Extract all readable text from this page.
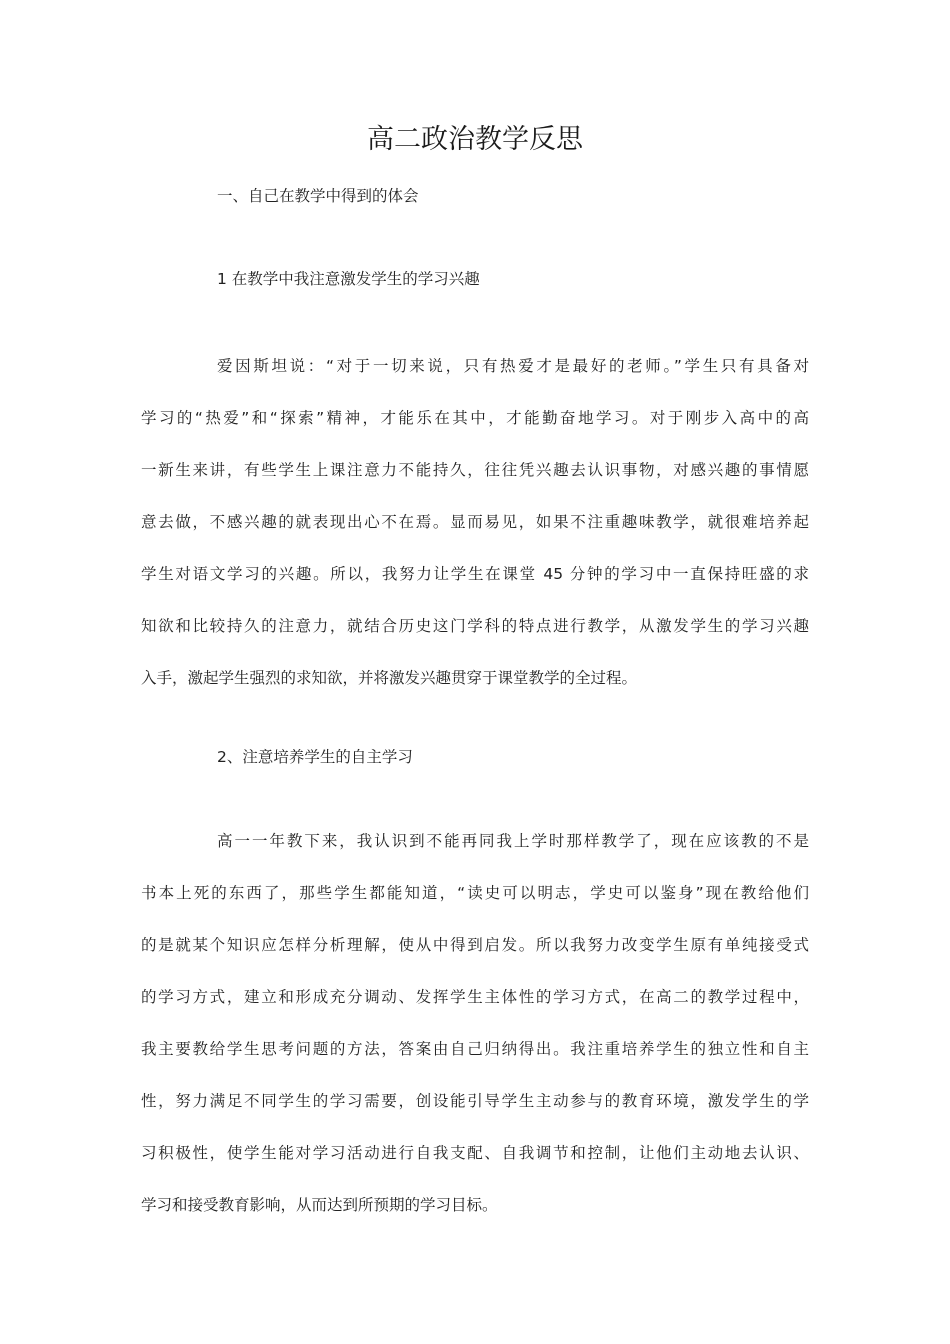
高二政治教学反思
一、自己在教学中得到的体会
1 在教学中我注意激发学生的学习兴趣
爱因斯坦说：“对于一切来说，只有热爱才是最好的老师。”学生只有具备对
学习的“热爱”和“探索”精神，才能乐在其中，才能勤奋地学习。对于刚步入高中的高
一新生来讲，有些学生上课注意力不能持久，往往凭兴趣去认识事物，对感兴趣的事情愿
意去做，不感兴趣的就表现出心不在焉。显而易见，如果不注重趣味教学，就很难培养起
学生对语文学习的兴趣。所以，我努力让学生在课堂 45 分钟的学习中一直保持旺盛的求
知欲和比较持久的注意力，就结合历史这门学科的特点进行教学，从激发学生的学习兴趣
入手，激起学生强烈的求知欲，并将激发兴趣贯穿于课堂教学的全过程。
2、注意培养学生的自主学习
高一一年教下来，我认识到不能再同我上学时那样教学了，现在应该教的不是
书本上死的东西了，那些学生都能知道，“读史可以明志，学史可以鉴身”现在教给他们
的是就某个知识应怎样分析理解，使从中得到启发。所以我努力改变学生原有单纯接受式
的学习方式，建立和形成充分调动、发挥学生主体性的学习方式，在高二的教学过程中，
我主要教给学生思考问题的方法，答案由自己归纳得出。我注重培养学生的独立性和自主
性，努力满足不同学生的学习需要，创设能引导学生主动参与的教育环境，激发学生的学
习积极性，使学生能对学习活动进行自我支配、自我调节和控制，让他们主动地去认识、
学习和接受教育影响，从而达到所预期的学习目标。
